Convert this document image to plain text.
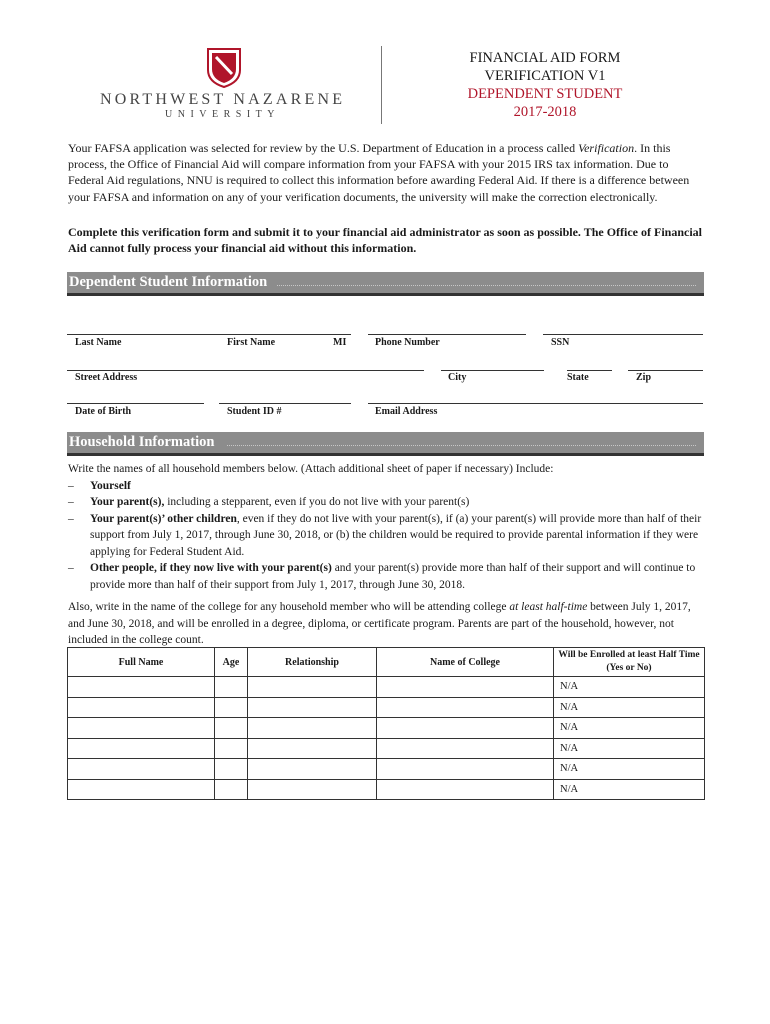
NORTHWEST NAZARENE
UNIVERSITY
FINANCIAL AID FORM
VERIFICATION V1
DEPENDENT STUDENT
2017-2018
Your FAFSA application was selected for review by the U.S. Department of Education in a process called Verification. In this process, the Office of Financial Aid will compare information from your FAFSA with your 2015 IRS tax information. Due to Federal Aid regulations, NNU is required to collect this information before awarding Federal Aid. If there is a difference between your FAFSA and information on any of your verification documents, the university will make the correction electronically.
Complete this verification form and submit it to your financial aid administrator as soon as possible. The Office of Financial Aid cannot fully process your financial aid without this information.
Dependent Student Information
Last Name	First Name	MI	Phone Number	SSN
Street Address	City	State	Zip
Date of Birth	Student ID #	Email Address
Household Information

Write the names of all household members below. (Attach additional sheet of paper if necessary) Include:

– Yourself
– Your parent(s), including a stepparent, even if you do not live with your parent(s)
– Your parent(s)’ other children, even if they do not live with your parent(s), if (a) your parent(s) will provide more than half of their support from July 1, 2017, through June 30, 2018, or (b) the children would be required to provide parental information if they were applying for Federal Student Aid.
– Other people, if they now live with your parent(s) and your parent(s) provide more than half of their support and will continue to provide more than half of their support from July 1, 2017, through June 30, 2018.

Also, write in the name of the college for any household member who will be attending college at least half-time between July 1, 2017, and June 30, 2018, and will be enrolled in a degree, diploma, or certificate program. Parents are part of the household, however, not included in the college count.

Full Name	Age	Relationship	Name of College	Will be Enrolled at least Half Time (Yes or No)
				N/A
				N/A
				N/A
				N/A
				N/A
				N/A
